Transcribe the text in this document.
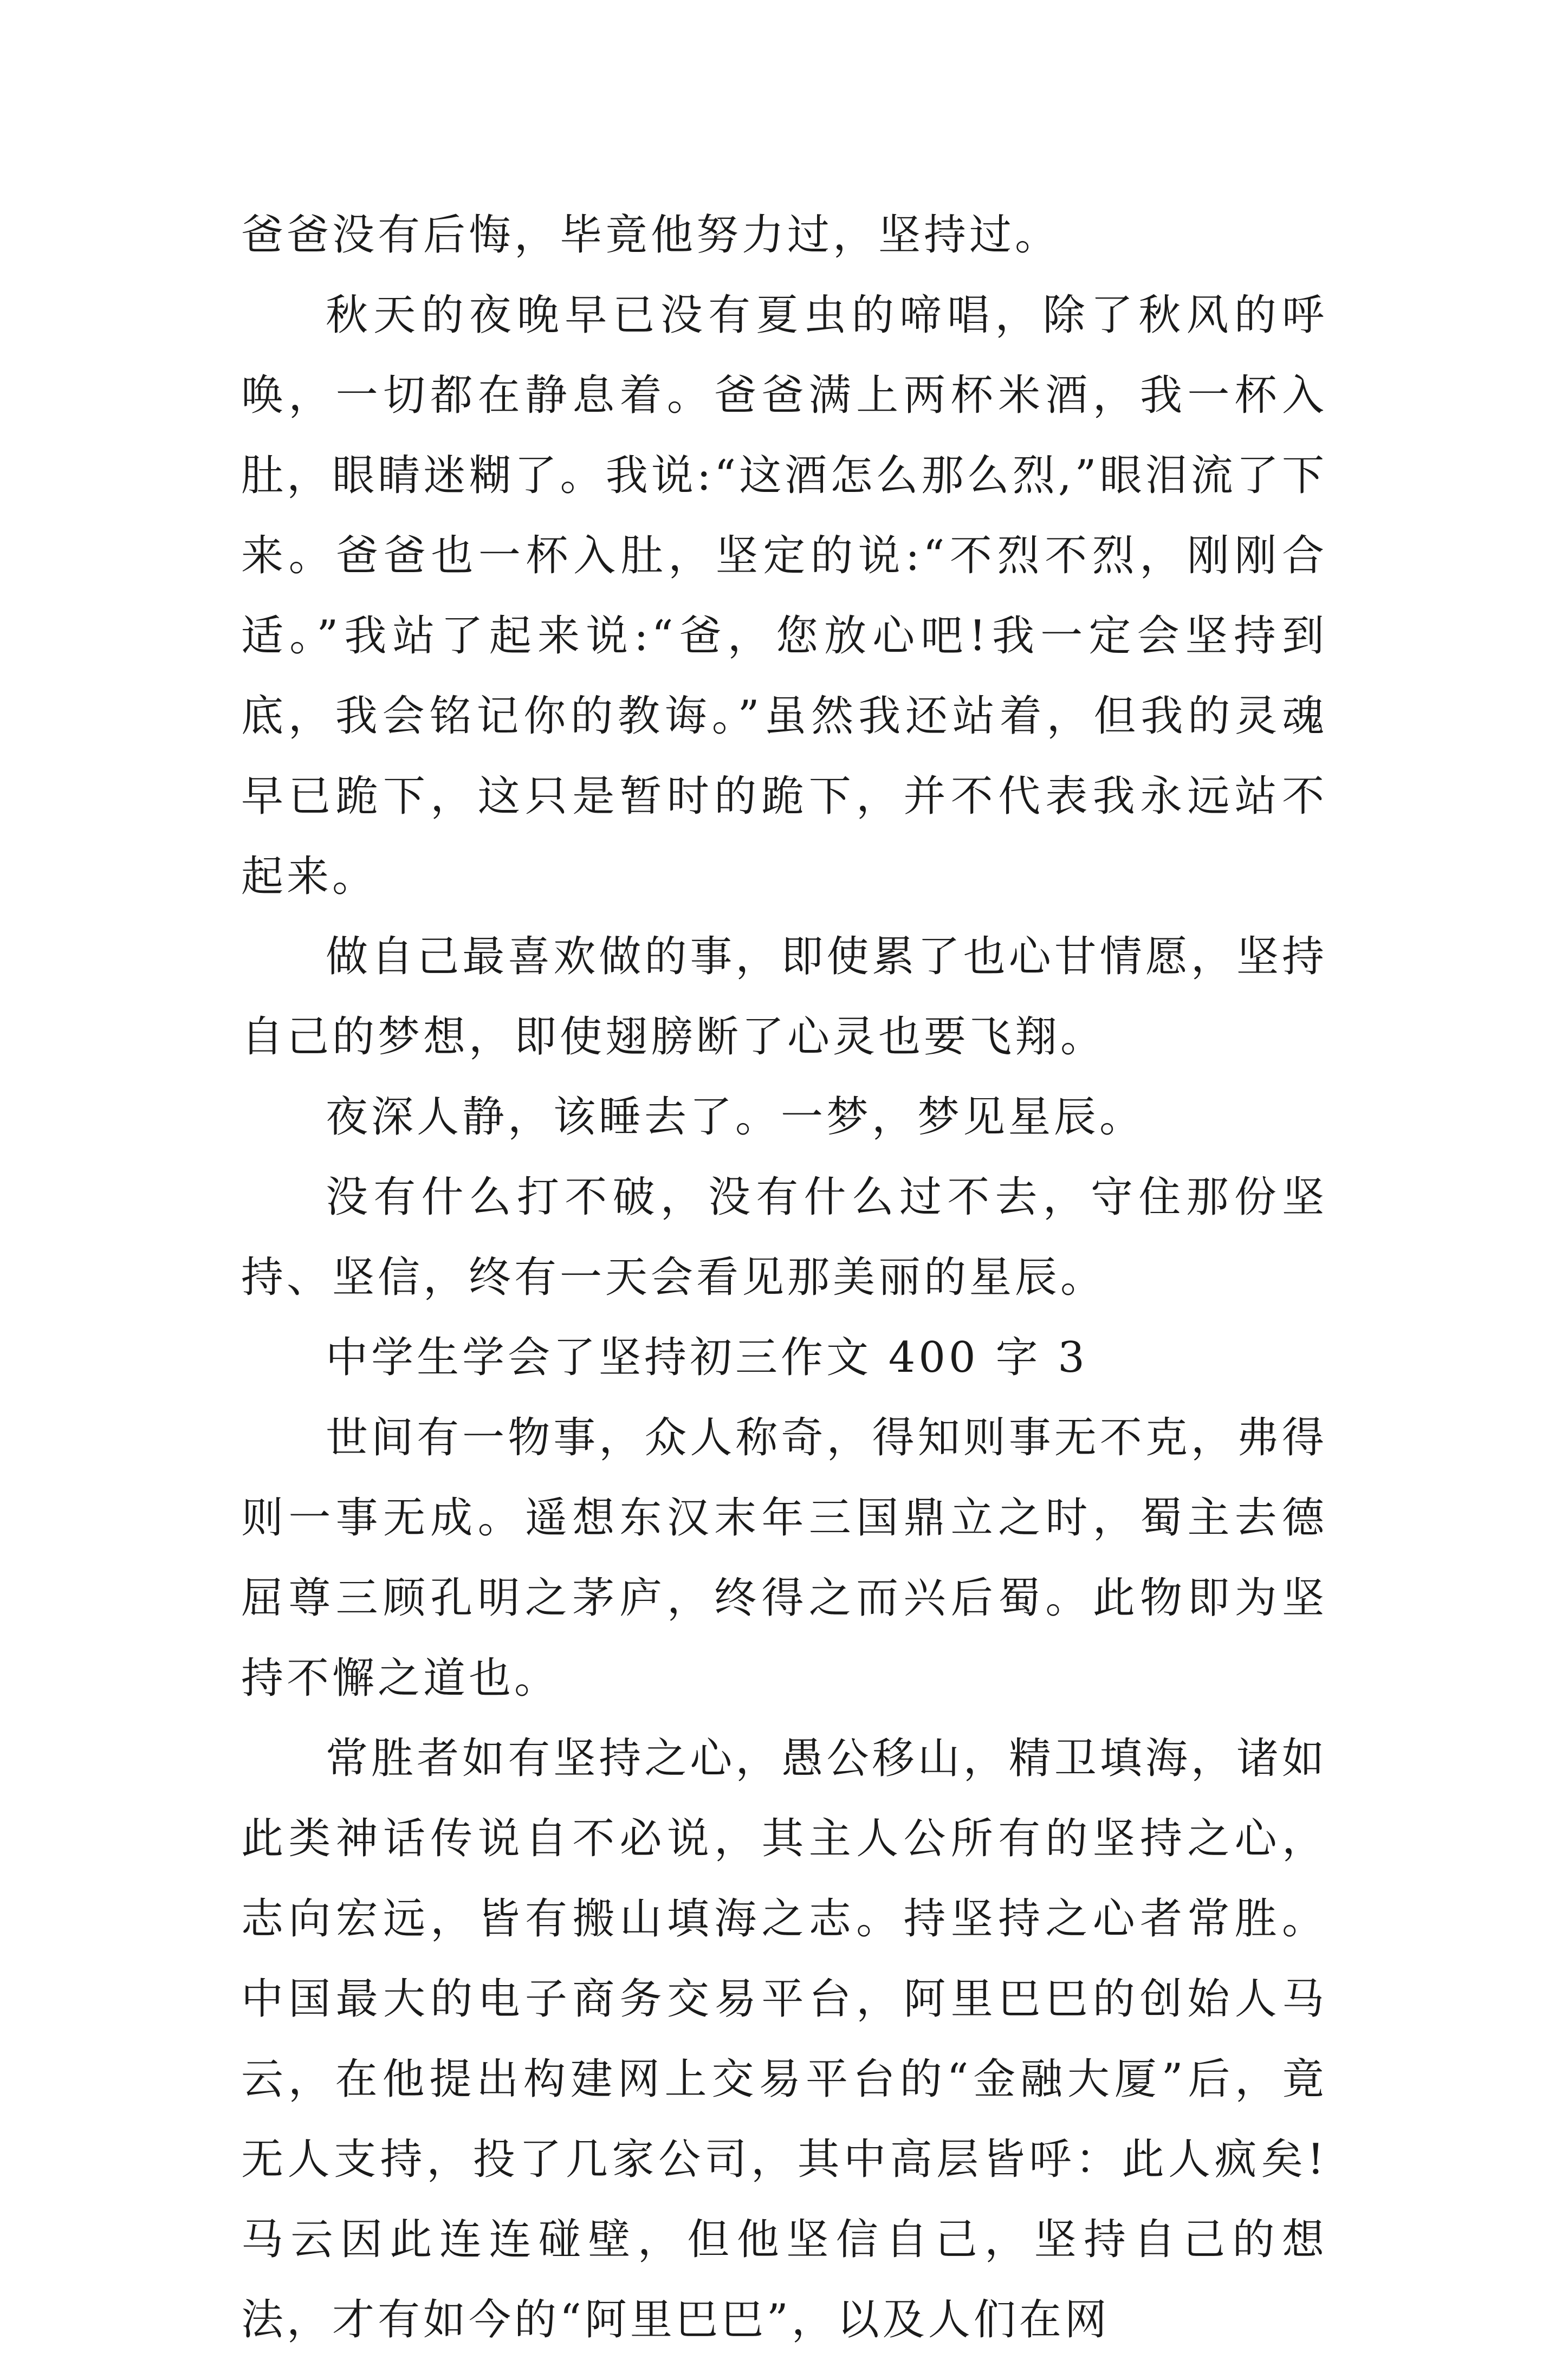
爸爸没有后悔，毕竟他努力过，坚持过。

秋天的夜晚早已没有夏虫的啼唱，除了秋风的呼唤，一切都在静息着。爸爸满上两杯米酒，我一杯入肚，眼睛迷糊了。我说:“这酒怎么那么烈,”眼泪流了下来。爸爸也一杯入肚，坚定的说:“不烈不烈，刚刚合适。”我站了起来说:“爸，您放心吧!我一定会坚持到底，我会铭记你的教诲。”虽然我还站着，但我的灵魂早已跪下，这只是暂时的跪下，并不代表我永远站不起来。

做自己最喜欢做的事，即使累了也心甘情愿，坚持自己的梦想，即使翅膀断了心灵也要飞翔。

夜深人静，该睡去了。一梦，梦见星辰。

没有什么打不破，没有什么过不去，守住那份坚持、坚信，终有一天会看见那美丽的星辰。

中学生学会了坚持初三作文 400 字 3

世间有一物事，众人称奇，得知则事无不克，弗得则一事无成。遥想东汉末年三国鼎立之时，蜀主去德屈尊三顾孔明之茅庐，终得之而兴后蜀。此物即为坚持不懈之道也。

常胜者如有坚持之心，愚公移山，精卫填海，诸如此类神话传说自不必说，其主人公所有的坚持之心，志向宏远，皆有搬山填海之志。持坚持之心者常胜。中国最大的电子商务交易平台，阿里巴巴的创始人马云，在他提出构建网上交易平台的“金融大厦”后，竟无人支持，投了几家公司，其中高层皆呼：此人疯矣!马云因此连连碰壁，但他坚信自己，坚持自己的想法，才有如今的“阿里巴巴”，以及人们在网
